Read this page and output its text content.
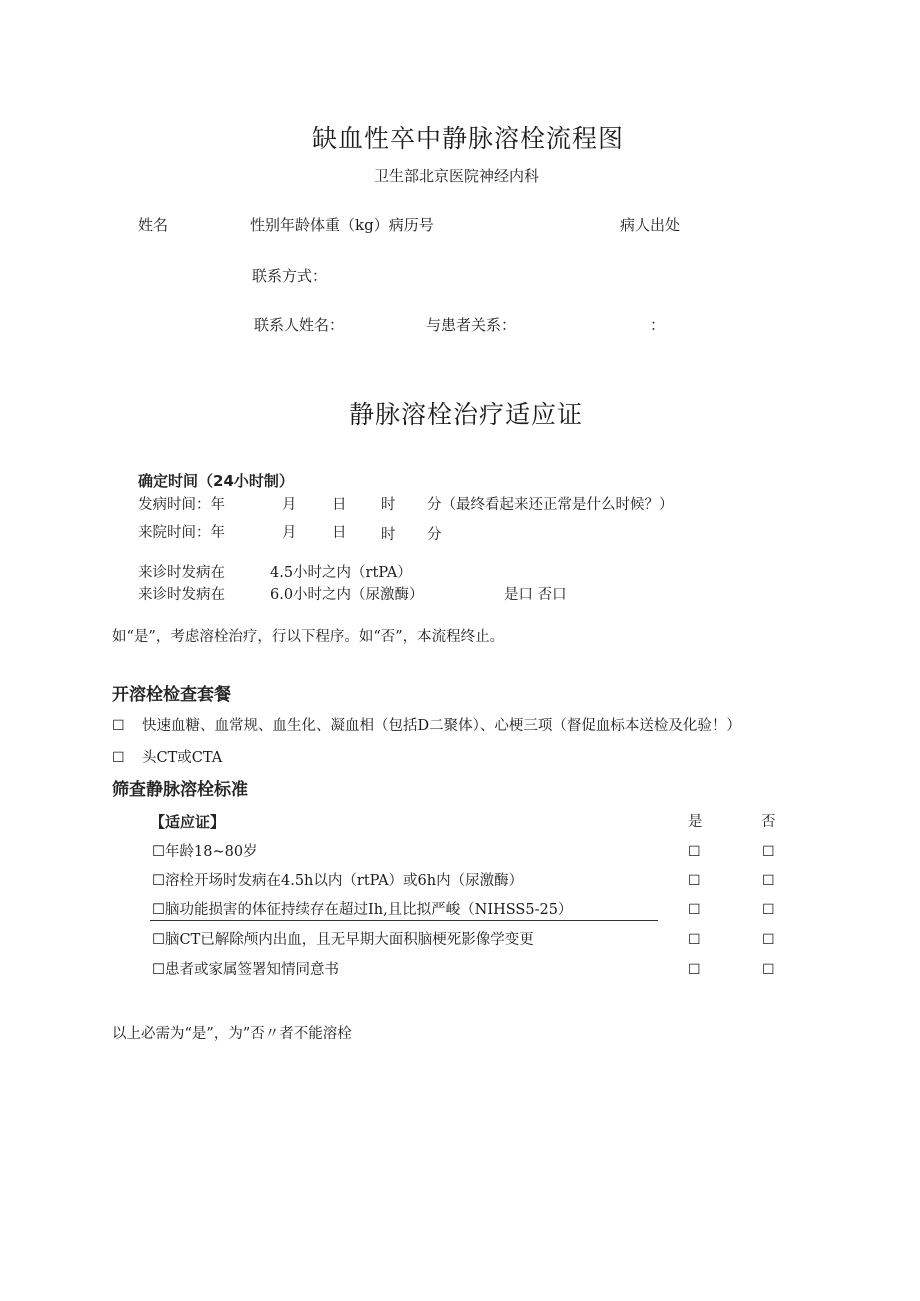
缺血性卒中静脉溶栓流程图
卫生部北京医院神经内科
姓名	性别年龄体重（kg）病历号	病人出处
联系方式：
联系人姓名：	与患者关系：	：
静脉溶栓治疗适应证
确定时间（24小时制）
发病时间：年	月 日 时 分（最终看起来还正常是什么时候？）
来院时间：年	月 日 时 分
来诊时发病在	4.5小时之内（rtPA）
来诊时发病在	6.0小时之内（尿激酶）	是口 否口
如“是”，考虑溶栓治疗，行以下程序。如“否”，本流程终止。
开溶栓检查套餐
☐ 快速血糖、血常规、血生化、凝血相（包括D二聚体）、心梗三项（督促血标本送检及化验！）
☐ 头CT或CTA
筛查静脉溶栓标准
【适应证】	是	否
☐年龄18~80岁	☐	☐
☐溶栓开场时发病在4.5h以内（rtPA）或6h内（尿激酶）	☐	☐
☐脑功能损害的体征持续存在超过Ih,且比拟严峻（NIHSS5-25）	☐	☐
☐脑CT已解除颅内出血，且无早期大面积脑梗死影像学变更	☐	☐
☐患者或家属签署知情同意书	☐	☐
以上必需为“是”，为”否〃者不能溶栓
